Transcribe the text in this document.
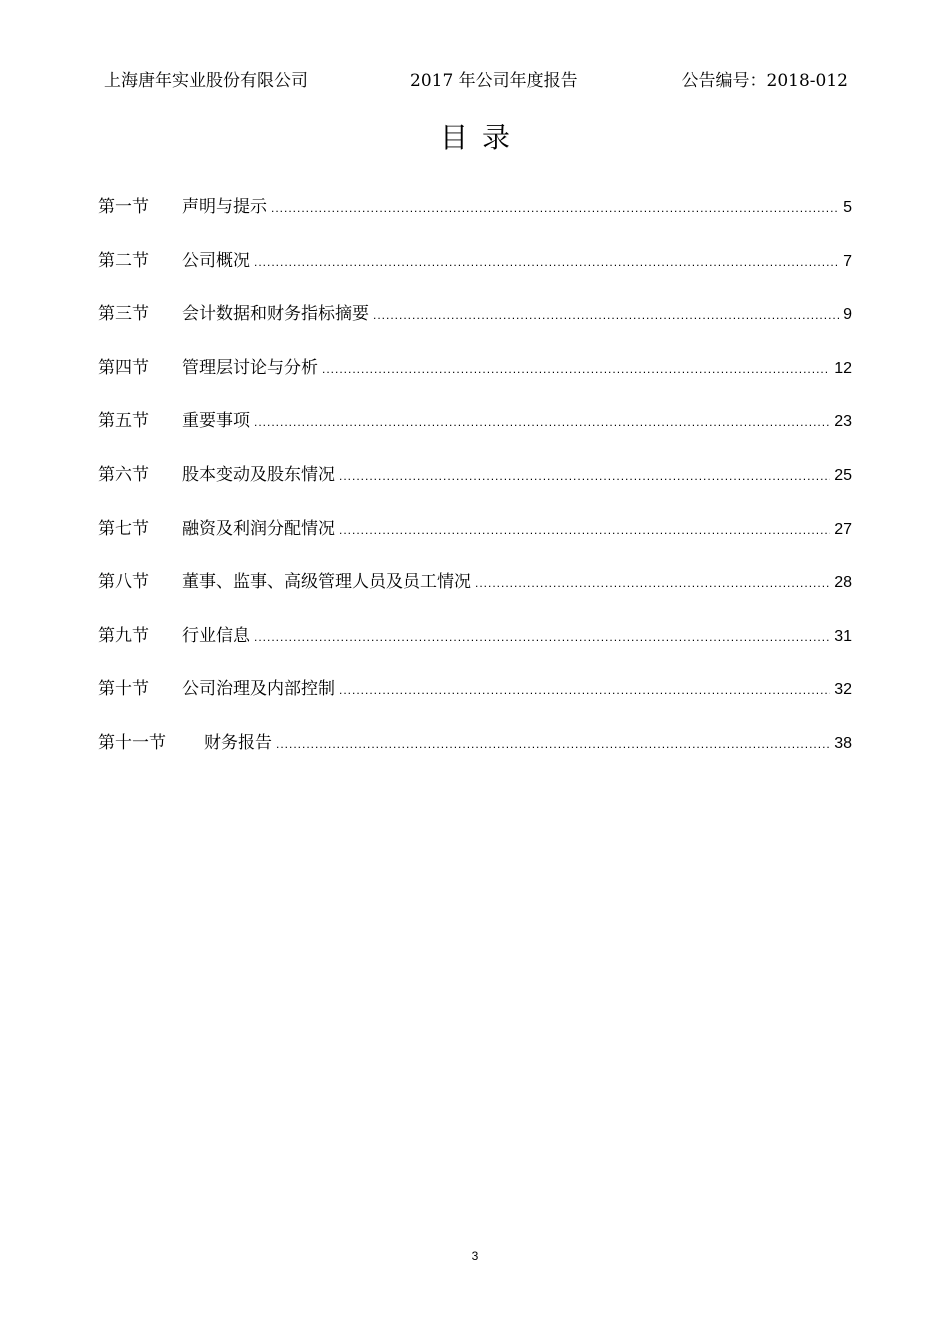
上海唐年实业股份有限公司	2017 年公司年度报告	公告编号：2018-012
目录
第一节	声明与提示 .....	5
第二节	公司概况 .....	7
第三节	会计数据和财务指标摘要 .....	9
第四节	管理层讨论与分析 .....	12
第五节	重要事项 .....	23
第六节	股本变动及股东情况 .....	25
第七节	融资及利润分配情况 .....	27
第八节	董事、监事、高级管理人员及员工情况 .....	28
第九节	行业信息 .....	31
第十节	公司治理及内部控制 .....	32
第十一节	财务报告 .....	38
3
